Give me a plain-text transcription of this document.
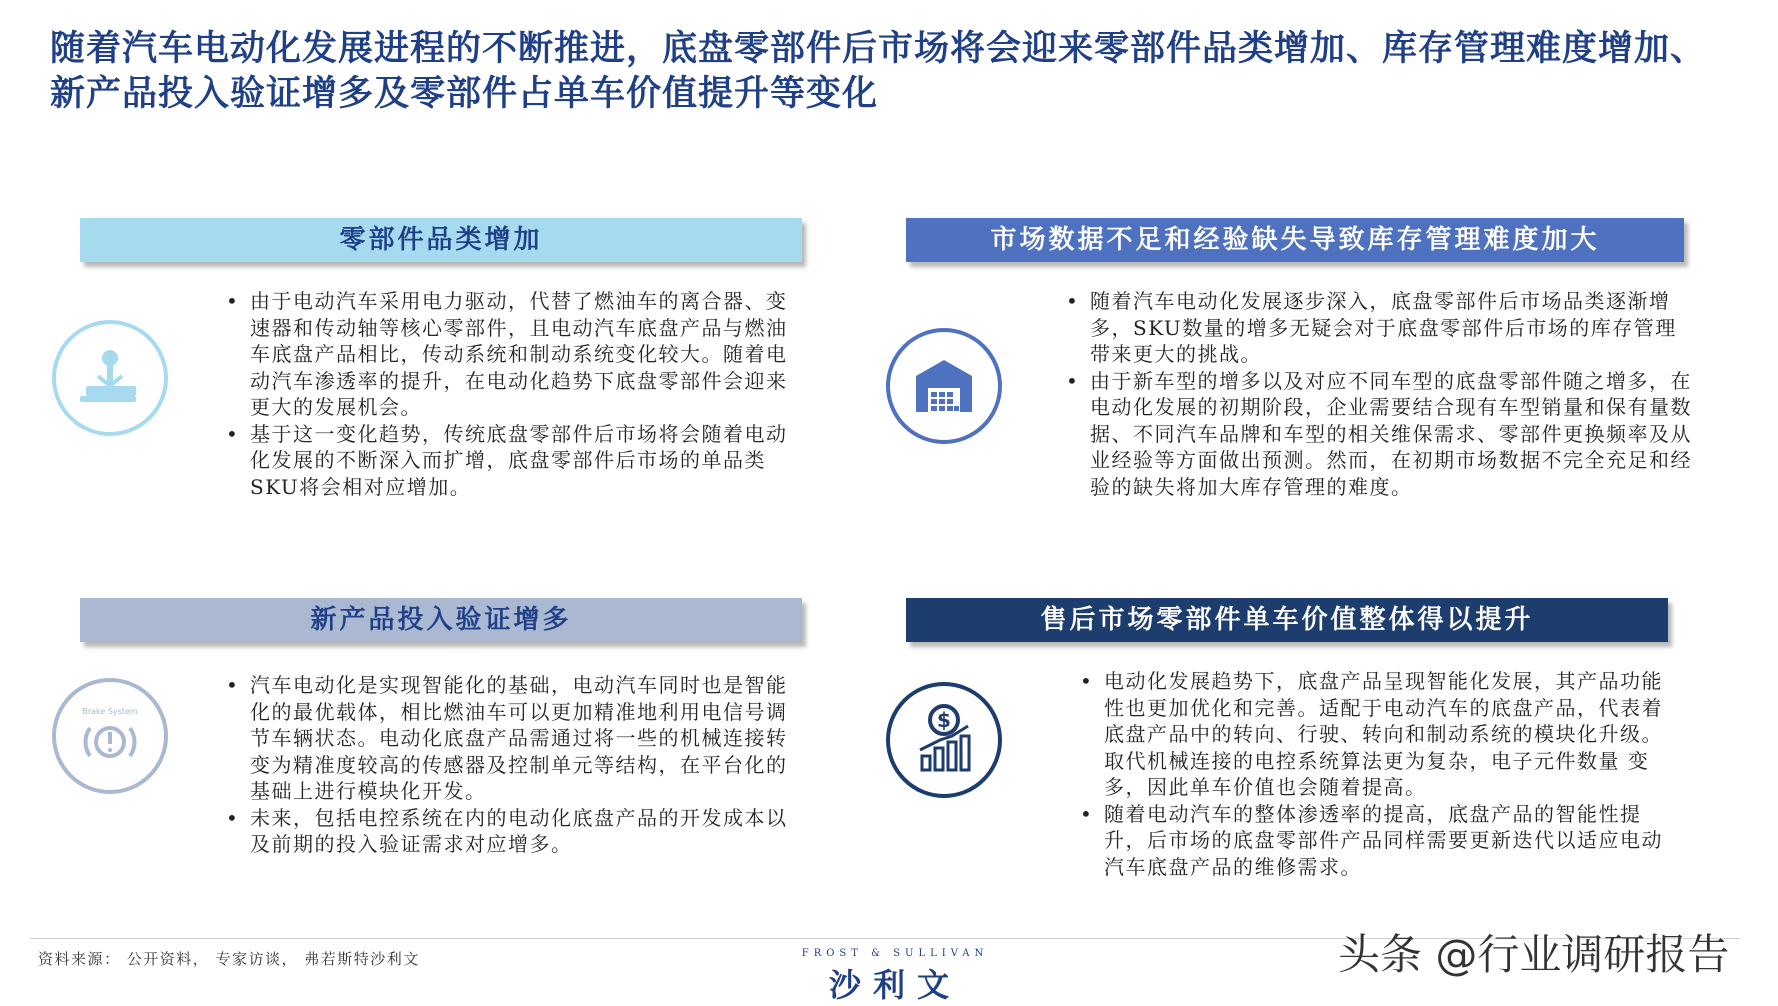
随着汽车电动化发展进程的不断推进，底盘零部件后市场将会迎来零部件品类增加、库存管理难度增加、新产品投入验证增多及零部件占单车价值提升等变化
零部件品类增加
• 由于电动汽车采用电力驱动，代替了燃油车的离合器、变速器和传动轴等核心零部件，且电动汽车底盘产品与燃油车底盘产品相比，传动系统和制动系统变化较大。随着电动汽车渗透率的提升，在电动化趋势下底盘零部件会迎来更大的发展机会。
• 基于这一变化趋势，传统底盘零部件后市场将会随着电动化发展的不断深入而扩增，底盘零部件后市场的单品类SKU将会相对应增加。
市场数据不足和经验缺失导致库存管理难度加大
• 随着汽车电动化发展逐步深入，底盘零部件后市场品类逐渐增多，SKU数量的增多无疑会对于底盘零部件后市场的库存管理带来更大的挑战。
• 由于新车型的增多以及对应不同车型的底盘零部件随之增多，在电动化发展的初期阶段，企业需要结合现有车型销量和保有量数据、不同汽车品牌和车型的相关维保需求、零部件更换频率及从业经验等方面做出预测。然而，在初期市场数据不完全充足和经验的缺失将加大库存管理的难度。
新产品投入验证增多
Brake System
• 汽车电动化是实现智能化的基础，电动汽车同时也是智能化的最优载体，相比燃油车可以更加精准地利用电信号调节车辆状态。电动化底盘产品需通过将一些的机械连接转变为精准度较高的传感器及控制单元等结构，在平台化的基础上进行模块化开发。
• 未来，包括电控系统在内的电动化底盘产品的开发成本以及前期的投入验证需求对应增多。
售后市场零部件单车价值整体得以提升
$
• 电动化发展趋势下，底盘产品呈现智能化发展，其产品功能性也更加优化和完善。适配于电动汽车的底盘产品，代表着底盘产品中的转向、行驶、转向和制动系统的模块化升级。取代机械连接的电控系统算法更为复杂，电子元件数量 变多，因此单车价值也会随着提高。
• 随着电动汽车的整体渗透率的提高，底盘产品的智能性提升，后市场的底盘零部件产品同样需要更新迭代以适应电动汽车底盘产品的维修需求。
资料来源： 公开资料， 专家访谈， 弗若斯特沙利文	FROST & SULLIVAN
沙利文
头条 @行业调研报告
